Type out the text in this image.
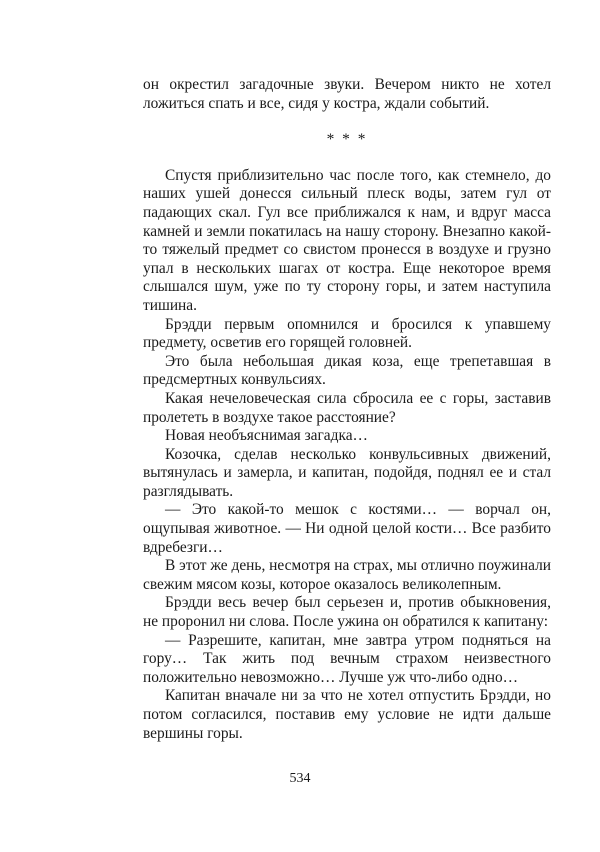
он окрестил загадочные звуки. Вечером никто не хотел ложиться спать и все, сидя у костра, ждали событий.

* * *

Спустя приблизительно час после того, как стемнело, до наших ушей донесся сильный плеск воды, затем гул от падающих скал. Гул все приближался к нам, и вдруг масса камней и земли покатилась на нашу сторону. Внезапно какой-то тяжелый предмет со свистом пронесся в воздухе и грузно упал в нескольких шагах от костра. Еще некоторое время слышался шум, уже по ту сторону горы, и затем наступила тишина.

Брэдди первым опомнился и бросился к упавшему предмету, осветив его горящей головней.

Это была небольшая дикая коза, еще трепетавшая в предсмертных конвульсиях.

Какая нечеловеческая сила сбросила ее с горы, заставив пролететь в воздухе такое расстояние?

Новая необъяснимая загадка…

Козочка, сделав несколько конвульсивных движений, вытянулась и замерла, и капитан, подойдя, поднял ее и стал разглядывать.

— Это какой-то мешок с костями… — ворчал он, ощупывая животное. — Ни одной целой кости… Все разбито вдребезги…

В этот же день, несмотря на страх, мы отлично поужинали свежим мясом козы, которое оказалось великолепным.

Брэдди весь вечер был серьезен и, против обыкновения, не проронил ни слова. После ужина он обратился к капитану:

— Разрешите, капитан, мне завтра утром подняться на гору… Так жить под вечным страхом неизвестного положительно невозможно… Лучше уж что-либо одно…

Капитан вначале ни за что не хотел отпустить Брэдди, но потом согласился, поставив ему условие не идти дальше вершины горы.

534
